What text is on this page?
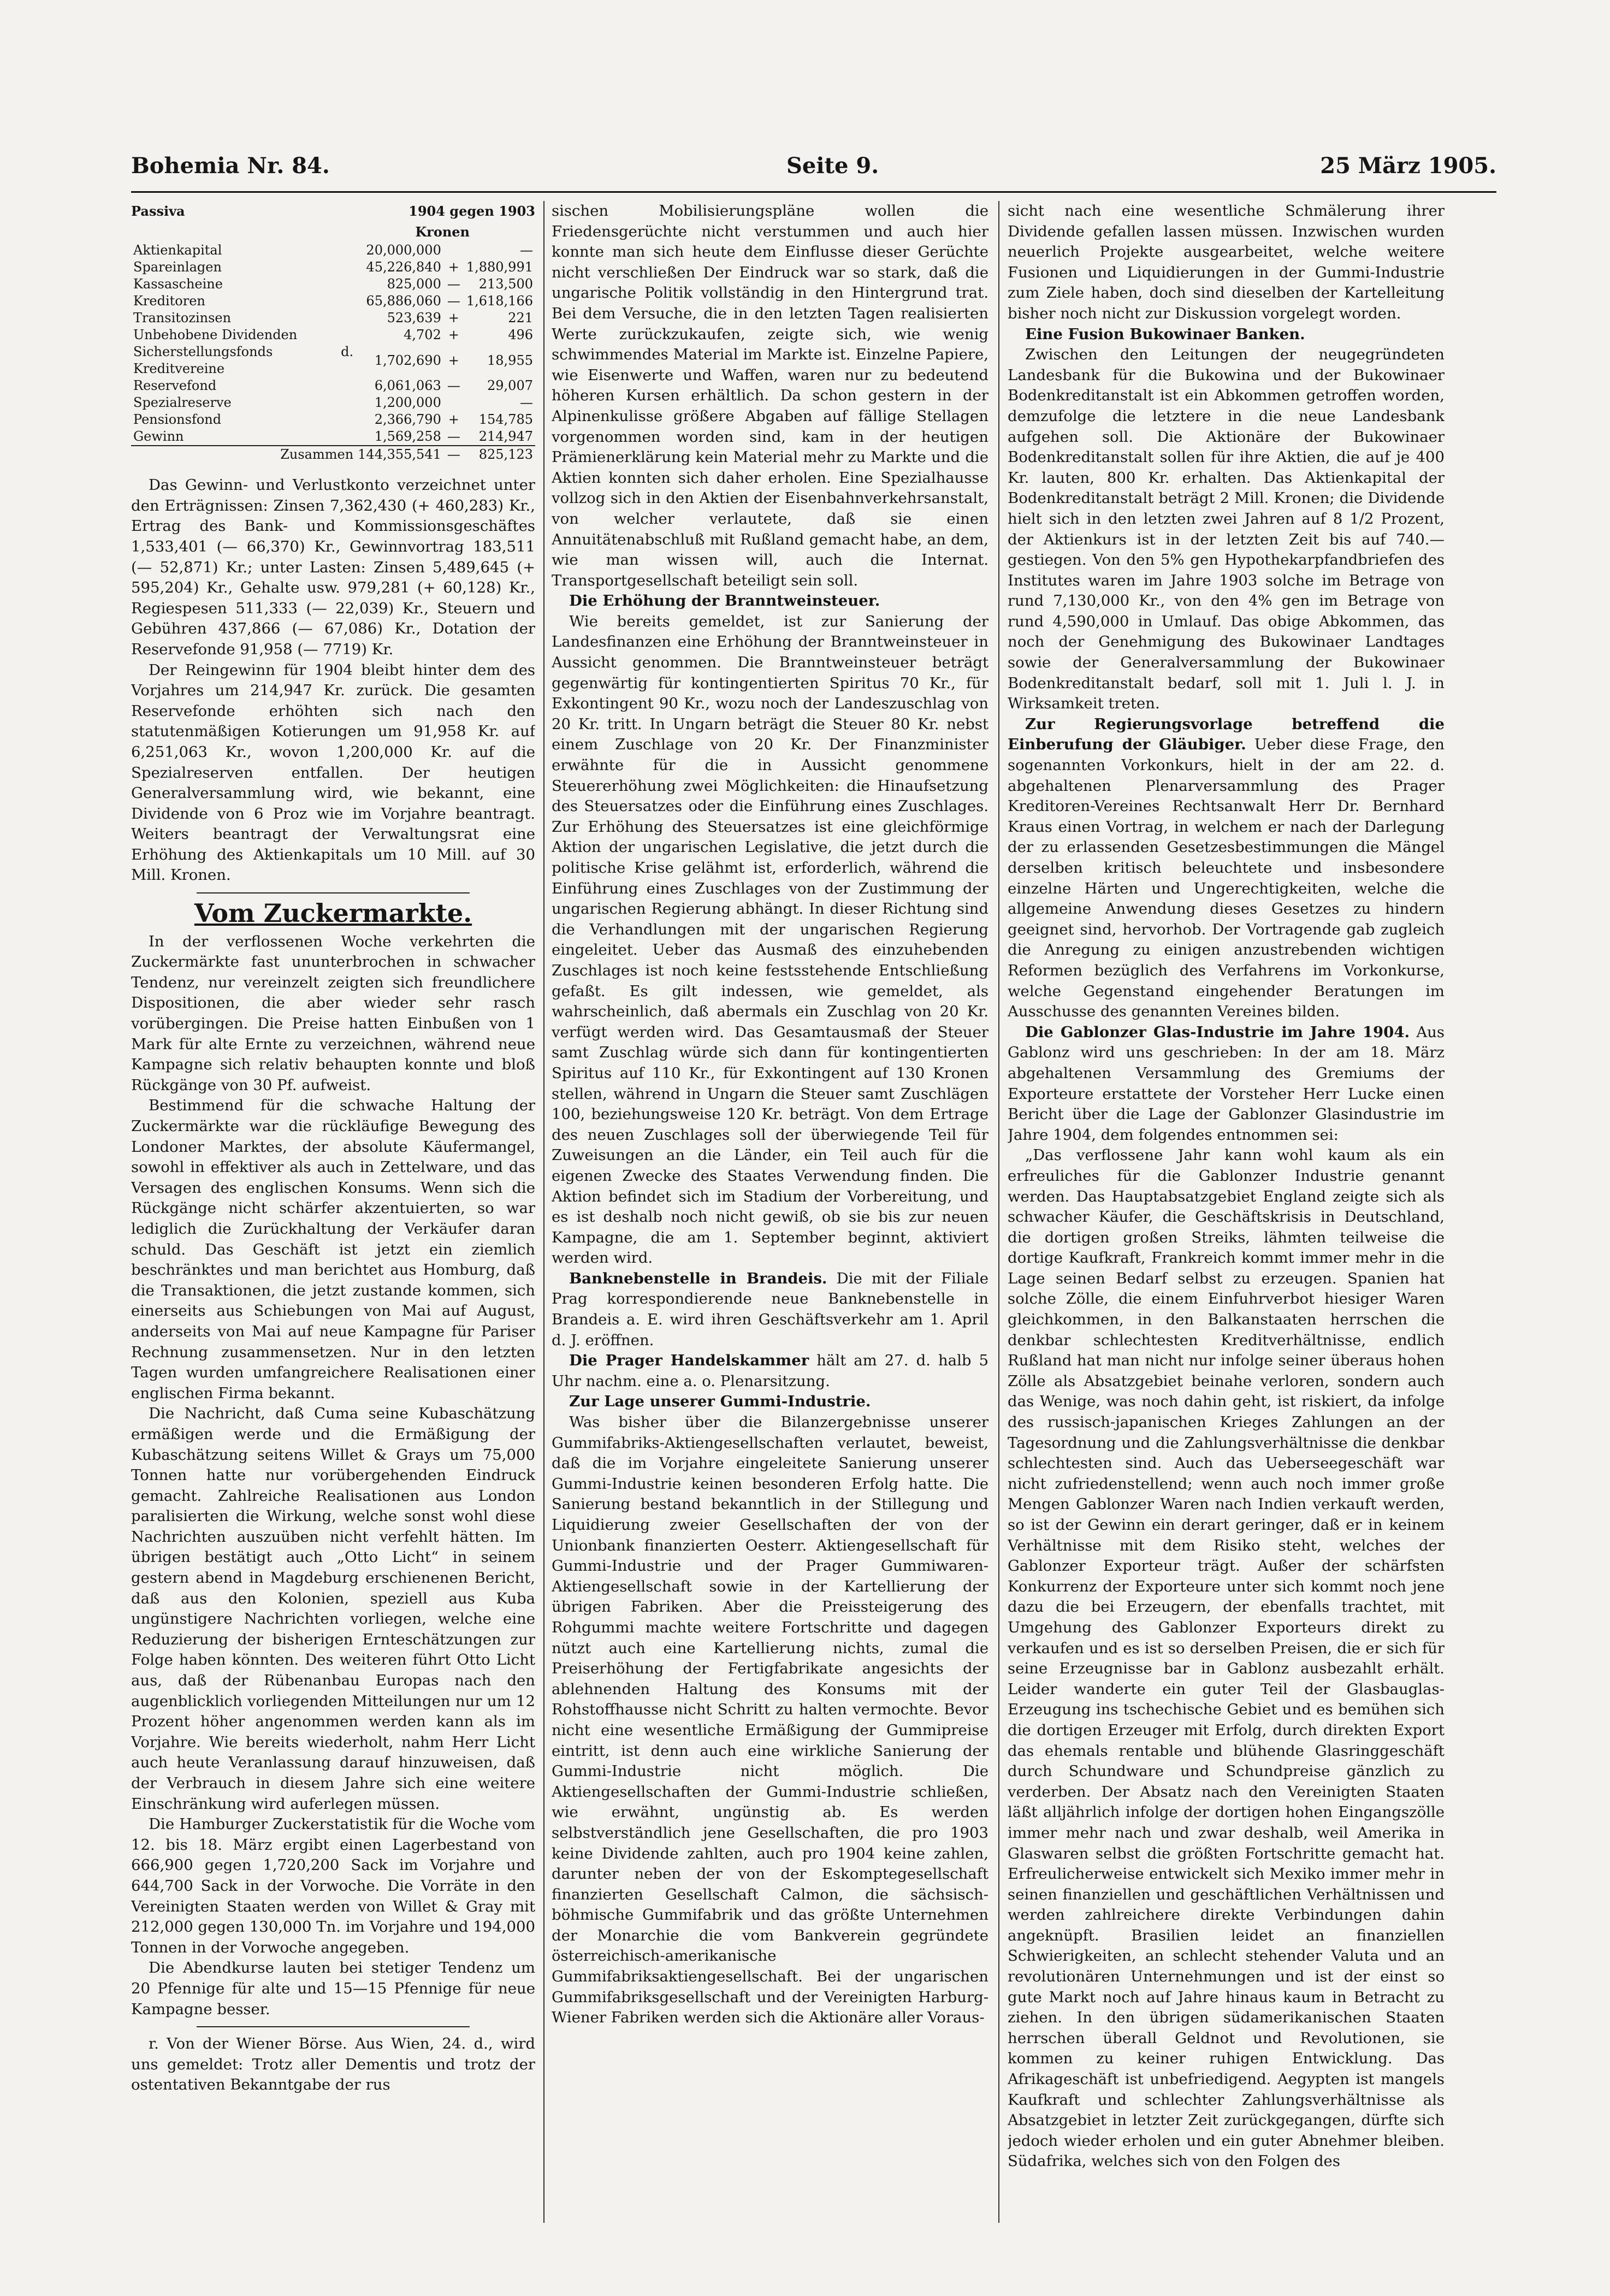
Bohemia Nr. 84.	Seite 9.	25 März 1905.
Passiva	1904 gegen 1903
Kronen
Aktienkapital	20,000,000		—
Spareinlagen	45,226,840	+	1,880,991
Kassascheine	825,000	—	213,500
Kreditoren	65,886,060	—	1,618,166
Transitozinsen	523,639	+	221
Unbehobene Dividenden	4,702	+	496
Sicherstellungsfonds d. Kreditvereine	1,702,690	+	18,955
Reservefond	6,061,063	—	29,007
Spezialreserve	1,200,000		—
Pensionsfond	2,366,790	+	154,785
Gewinn	1,569,258	—	214,947
Zusammen	144,355,541	—	825,123

Das Gewinn- und Verlustkonto verzeichnet unter den Erträgnissen: Zinsen 7,362,430 (+ 460,283) Kr., Ertrag des Bank- und Kommissionsgeschäftes 1,533,401 (— 66,370) Kr., Gewinnvortrag 183,511 (— 52,871) Kr.; unter Lasten: Zinsen 5,489,645 (+ 595,204) Kr., Gehalte usw. 979,281 (+ 60,128) Kr., Regiespesen 511,333 (— 22,039) Kr., Steuern und Gebühren 437,866 (— 67,086) Kr., Dotation der Reservefonde 91,958 (— 7719) Kr.

Der Reingewinn für 1904 bleibt hinter dem des Vorjahres um 214,947 Kr. zurück. Die gesamten Reservefonde erhöhten sich nach den statutenmäßigen Kotierungen um 91,958 Kr. auf 6,251,063 Kr., wovon 1,200,000 Kr. auf die Spezialreserven entfallen. Der heutigen Generalversammlung wird, wie bekannt, eine Dividende von 6 Proz wie im Vorjahre beantragt. Weiters beantragt der Verwaltungsrat eine Erhöhung des Aktienkapitals um 10 Mill. auf 30 Mill. Kronen.

Vom Zuckermarkte.

In der verflossenen Woche verkehrten die Zuckermärkte fast ununterbrochen in schwacher Tendenz, nur vereinzelt zeigten sich freundlichere Dispositionen, die aber wieder sehr rasch vorübergingen. Die Preise hatten Einbußen von 1 Mark für alte Ernte zu verzeichnen, während neue Kampagne sich relativ behaupten konnte und bloß Rückgänge von 30 Pf. aufweist.

Bestimmend für die schwache Haltung der Zuckermärkte war die rückläufige Bewegung des Londoner Marktes, der absolute Käufermangel, sowohl in effektiver als auch in Zettelware, und das Versagen des englischen Konsums. Wenn sich die Rückgänge nicht schärfer akzentuierten, so war lediglich die Zurückhaltung der Verkäufer daran schuld. Das Geschäft ist jetzt ein ziemlich beschränktes und man berichtet aus Homburg, daß die Transaktionen, die jetzt zustande kommen, sich einerseits aus Schiebungen von Mai auf August, anderseits von Mai auf neue Kampagne für Pariser Rechnung zusammensetzen. Nur in den letzten Tagen wurden umfangreichere Realisationen einer englischen Firma bekannt.

Die Nachricht, daß Cuma seine Kubaschätzung ermäßigen werde und die Ermäßigung der Kubaschätzung seitens Willet & Grays um 75,000 Tonnen hatte nur vorübergehenden Eindruck gemacht. Zahlreiche Realisationen aus London paralisierten die Wirkung, welche sonst wohl diese Nachrichten auszuüben nicht verfehlt hätten. Im übrigen bestätigt auch „Otto Licht“ in seinem gestern abend in Magdeburg erschienenen Bericht, daß aus den Kolonien, speziell aus Kuba ungünstigere Nachrichten vorliegen, welche eine Reduzierung der bisherigen Ernteschätzungen zur Folge haben könnten. Des weiteren führt Otto Licht aus, daß der Rübenanbau Europas nach den augenblicklich vorliegenden Mitteilungen nur um 12 Prozent höher angenommen werden kann als im Vorjahre. Wie bereits wiederholt, nahm Herr Licht auch heute Veranlassung darauf hinzuweisen, daß der Verbrauch in diesem Jahre sich eine weitere Einschränkung wird auferlegen müssen.

Die Hamburger Zuckerstatistik für die Woche vom 12. bis 18. März ergibt einen Lagerbestand von 666,900 gegen 1,720,200 Sack im Vorjahre und 644,700 Sack in der Vorwoche. Die Vorräte in den Vereinigten Staaten werden von Willet & Gray mit 212,000 gegen 130,000 Tn. im Vorjahre und 194,000 Tonnen in der Vorwoche angegeben.

Die Abendkurse lauten bei stetiger Tendenz um 20 Pfennige für alte und 15—15 Pfennige für neue Kampagne besser.

r. Von der Wiener Börse. Aus Wien, 24. d., wird uns gemeldet: Trotz aller Dementis und trotz der ostentativen Bekanntgabe der rus

sischen Mobilisierungspläne wollen die Friedensgerüchte nicht verstummen und auch hier konnte man sich heute dem Einflusse dieser Gerüchte nicht verschließen Der Eindruck war so stark, daß die ungarische Politik vollständig in den Hintergrund trat. Bei dem Versuche, die in den letzten Tagen realisierten Werte zurückzukaufen, zeigte sich, wie wenig schwimmendes Material im Markte ist. Einzelne Papiere, wie Eisenwerte und Waffen, waren nur zu bedeutend höheren Kursen erhältlich. Da schon gestern in der Alpinenkulisse größere Abgaben auf fällige Stellagen vorgenommen worden sind, kam in der heutigen Prämienerklärung kein Material mehr zu Markte und die Aktien konnten sich daher erholen. Eine Spezialhausse vollzog sich in den Aktien der Eisenbahnverkehrsanstalt, von welcher verlautete, daß sie einen Annuitätenabschluß mit Rußland gemacht habe, an dem, wie man wissen will, auch die Internat. Transportgesellschaft beteiligt sein soll.

Die Erhöhung der Branntweinsteuer.

Wie bereits gemeldet, ist zur Sanierung der Landesfinanzen eine Erhöhung der Branntweinsteuer in Aussicht genommen. Die Branntweinsteuer beträgt gegenwärtig für kontingentierten Spiritus 70 Kr., für Exkontingent 90 Kr., wozu noch der Landeszuschlag von 20 Kr. tritt. In Ungarn beträgt die Steuer 80 Kr. nebst einem Zuschlage von 20 Kr. Der Finanzminister erwähnte für die in Aussicht genommene Steuererhöhung zwei Möglichkeiten: die Hinaufsetzung des Steuersatzes oder die Einführung eines Zuschlages. Zur Erhöhung des Steuersatzes ist eine gleichförmige Aktion der ungarischen Legislative, die jetzt durch die politische Krise gelähmt ist, erforderlich, während die Einführung eines Zuschlages von der Zustimmung der ungarischen Regierung abhängt. In dieser Richtung sind die Verhandlungen mit der ungarischen Regierung eingeleitet. Ueber das Ausmaß des einzuhebenden Zuschlages ist noch keine festsstehende Entschließung gefaßt. Es gilt indessen, wie gemeldet, als wahrscheinlich, daß abermals ein Zuschlag von 20 Kr. verfügt werden wird. Das Gesamtausmaß der Steuer samt Zuschlag würde sich dann für kontingentierten Spiritus auf 110 Kr., für Exkontingent auf 130 Kronen stellen, während in Ungarn die Steuer samt Zuschlägen 100, beziehungsweise 120 Kr. beträgt. Von dem Ertrage des neuen Zuschlages soll der überwiegende Teil für Zuweisungen an die Länder, ein Teil auch für die eigenen Zwecke des Staates Verwendung finden. Die Aktion befindet sich im Stadium der Vorbereitung, und es ist deshalb noch nicht gewiß, ob sie bis zur neuen Kampagne, die am 1. September beginnt, aktiviert werden wird.

Banknebenstelle in Brandeis. Die mit der Filiale Prag korrespondierende neue Banknebenstelle in Brandeis a. E. wird ihren Geschäftsverkehr am 1. April d. J. eröffnen.

Die Prager Handelskammer hält am 27. d. halb 5 Uhr nachm. eine a. o. Plenarsitzung.

Zur Lage unserer Gummi-Industrie.

Was bisher über die Bilanzergebnisse unserer Gummifabriks-Aktiengesellschaften verlautet, beweist, daß die im Vorjahre eingeleitete Sanierung unserer Gummi-Industrie keinen besonderen Erfolg hatte. Die Sanierung bestand bekanntlich in der Stillegung und Liquidierung zweier Gesellschaften der von der Unionbank finanzierten Oesterr. Aktiengesellschaft für Gummi-Industrie und der Prager Gummiwaren-Aktiengesellschaft sowie in der Kartellierung der übrigen Fabriken. Aber die Preissteigerung des Rohgummi machte weitere Fortschritte und dagegen nützt auch eine Kartellierung nichts, zumal die Preiserhöhung der Fertigfabrikate angesichts der ablehnenden Haltung des Konsums mit der Rohstoffhausse nicht Schritt zu halten vermochte. Bevor nicht eine wesentliche Ermäßigung der Gummipreise eintritt, ist denn auch eine wirkliche Sanierung der Gummi-Industrie nicht möglich. Die Aktiengesellschaften der Gummi-Industrie schließen, wie erwähnt, ungünstig ab. Es werden selbstverständlich jene Gesellschaften, die pro 1903 keine Dividende zahlten, auch pro 1904 keine zahlen, darunter neben der von der Eskomptegesellschaft finanzierten Gesellschaft Calmon, die sächsisch-böhmische Gummifabrik und das größte Unternehmen der Monarchie die vom Bankverein gegründete österreichisch-amerikanische Gummifabriksaktiengesellschaft. Bei der ungarischen Gummifabriksgesellschaft und der Vereinigten Harburg-Wiener Fabriken werden sich die Aktionäre aller Voraus-

sicht nach eine wesentliche Schmälerung ihrer Dividende gefallen lassen müssen. Inzwischen wurden neuerlich Projekte ausgearbeitet, welche weitere Fusionen und Liquidierungen in der Gummi-Industrie zum Ziele haben, doch sind dieselben der Kartelleitung bisher noch nicht zur Diskussion vorgelegt worden.

Eine Fusion Bukowinaer Banken.

Zwischen den Leitungen der neugegründeten Landesbank für die Bukowina und der Bukowinaer Bodenkreditanstalt ist ein Abkommen getroffen worden, demzufolge die letztere in die neue Landesbank aufgehen soll. Die Aktionäre der Bukowinaer Bodenkreditanstalt sollen für ihre Aktien, die auf je 400 Kr. lauten, 800 Kr. erhalten. Das Aktienkapital der Bodenkreditanstalt beträgt 2 Mill. Kronen; die Dividende hielt sich in den letzten zwei Jahren auf 8 1/2 Prozent, der Aktienkurs ist in der letzten Zeit bis auf 740.— gestiegen. Von den 5% gen Hypothekarpfandbriefen des Institutes waren im Jahre 1903 solche im Betrage von rund 7,130,000 Kr., von den 4% gen im Betrage von rund 4,590,000 in Umlauf. Das obige Abkommen, das noch der Genehmigung des Bukowinaer Landtages sowie der Generalversammlung der Bukowinaer Bodenkreditanstalt bedarf, soll mit 1. Juli l. J. in Wirksamkeit treten.

Zur Regierungsvorlage betreffend die Einberufung der Gläubiger. Ueber diese Frage, den sogenannten Vorkonkurs, hielt in der am 22. d. abgehaltenen Plenarversammlung des Prager Kreditoren-Vereines Rechtsanwalt Herr Dr. Bernhard Kraus einen Vortrag, in welchem er nach der Darlegung der zu erlassenden Gesetzesbestimmungen die Mängel derselben kritisch beleuchtete und insbesondere einzelne Härten und Ungerechtigkeiten, welche die allgemeine Anwendung dieses Gesetzes zu hindern geeignet sind, hervorhob. Der Vortragende gab zugleich die Anregung zu einigen anzustrebenden wichtigen Reformen bezüglich des Verfahrens im Vorkonkurse, welche Gegenstand eingehender Beratungen im Ausschusse des genannten Vereines bilden.

Die Gablonzer Glas-Industrie im Jahre 1904. Aus Gablonz wird uns geschrieben: In der am 18. März abgehaltenen Versammlung des Gremiums der Exporteure erstattete der Vorsteher Herr Lucke einen Bericht über die Lage der Gablonzer Glasindustrie im Jahre 1904, dem folgendes entnommen sei:

„Das verflossene Jahr kann wohl kaum als ein erfreuliches für die Gablonzer Industrie genannt werden. Das Hauptabsatzgebiet England zeigte sich als schwacher Käufer, die Geschäftskrisis in Deutschland, die dortigen großen Streiks, lähmten teilweise die dortige Kaufkraft, Frankreich kommt immer mehr in die Lage seinen Bedarf selbst zu erzeugen. Spanien hat solche Zölle, die einem Einfuhrverbot hiesiger Waren gleichkommen, in den Balkanstaaten herrschen die denkbar schlechtesten Kreditverhältnisse, endlich Rußland hat man nicht nur infolge seiner überaus hohen Zölle als Absatzgebiet beinahe verloren, sondern auch das Wenige, was noch dahin geht, ist riskiert, da infolge des russisch-japanischen Krieges Zahlungen an der Tagesordnung und die Zahlungsverhältnisse die denkbar schlechtesten sind. Auch das Ueberseegeschäft war nicht zufriedenstellend; wenn auch noch immer große Mengen Gablonzer Waren nach Indien verkauft werden, so ist der Gewinn ein derart geringer, daß er in keinem Verhältnisse mit dem Risiko steht, welches der Gablonzer Exporteur trägt. Außer der schärfsten Konkurrenz der Exporteure unter sich kommt noch jene dazu die bei Erzeugern, der ebenfalls trachtet, mit Umgehung des Gablonzer Exporteurs direkt zu verkaufen und es ist so derselben Preisen, die er sich für seine Erzeugnisse bar in Gablonz ausbezahlt erhält. Leider wanderte ein guter Teil der Glasbauglas-Erzeugung ins tschechische Gebiet und es bemühen sich die dortigen Erzeuger mit Erfolg, durch direkten Export das ehemals rentable und blühende Glasringgeschäft durch Schundware und Schundpreise gänzlich zu verderben. Der Absatz nach den Vereinigten Staaten läßt alljährlich infolge der dortigen hohen Eingangszölle immer mehr nach und zwar deshalb, weil Amerika in Glaswaren selbst die größten Fortschritte gemacht hat. Erfreulicherweise entwickelt sich Mexiko immer mehr in seinen finanziellen und geschäftlichen Verhältnissen und werden zahlreichere direkte Verbindungen dahin angeknüpft. Brasilien leidet an finanziellen Schwierigkeiten, an schlecht stehender Valuta und an revolutionären Unternehmungen und ist der einst so gute Markt noch auf Jahre hinaus kaum in Betracht zu ziehen. In den übrigen südamerikanischen Staaten herrschen überall Geldnot und Revolutionen, sie kommen zu keiner ruhigen Entwicklung. Das Afrikageschäft ist unbefriedigend. Aegypten ist mangels Kaufkraft und schlechter Zahlungsverhältnisse als Absatzgebiet in letzter Zeit zurückgegangen, dürfte sich jedoch wieder erholen und ein guter Abnehmer bleiben. Südafrika, welches sich von den Folgen des
